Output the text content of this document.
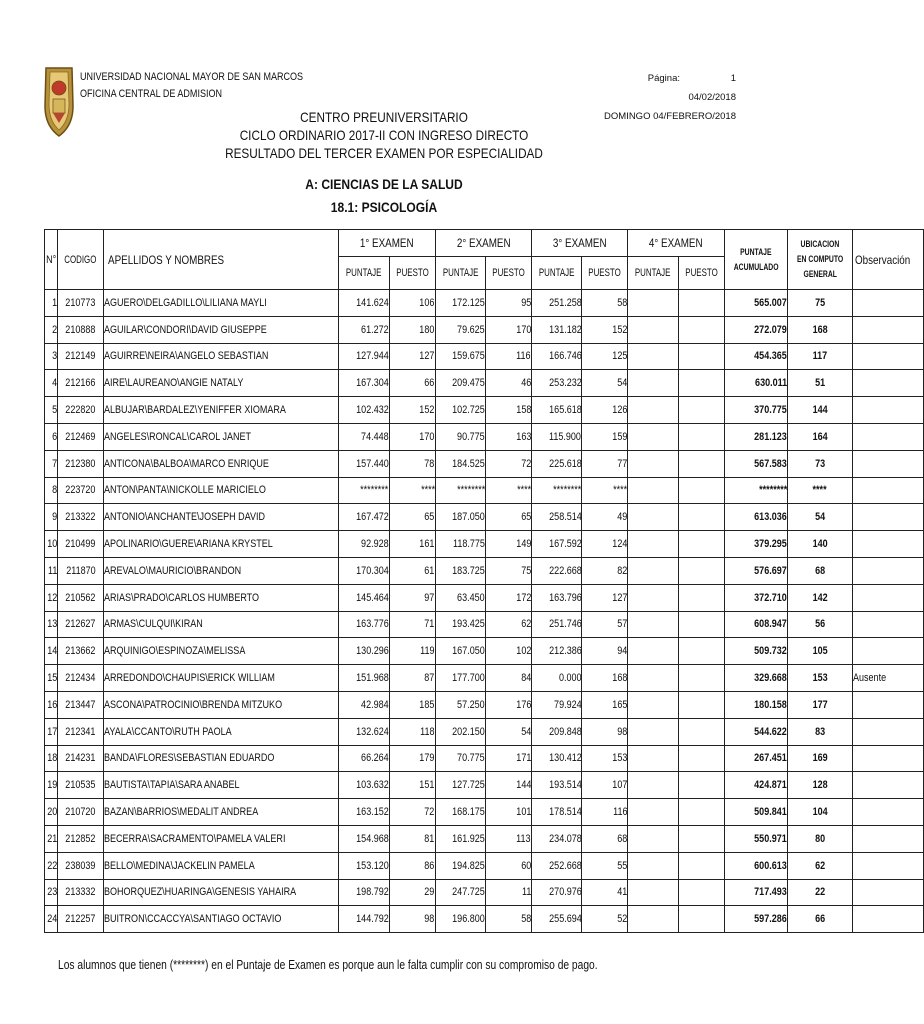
UNIVERSIDAD NACIONAL MAYOR DE SAN MARCOS
OFICINA CENTRAL DE ADMISION
Página:	1
04/02/2018
DOMINGO 04/FEBRERO/2018
CENTRO PREUNIVERSITARIO
CICLO ORDINARIO 2017-II CON INGRESO DIRECTO
RESULTADO DEL TERCER EXAMEN POR ESPECIALIDAD
A: CIENCIAS DE LA SALUD
18.1: PSICOLOGÍA
N°	CODIGO	APELLIDOS Y NOMBRES	1° EXAMEN		2° EXAMEN		3° EXAMEN		4° EXAMEN		PUNTAJE
ACUMULADO	UBICACION
EN COMPUTO
GENERAL	Observación
			PUNTAJE	PUESTO	PUNTAJE	PUESTO	PUNTAJE	PUESTO	PUNTAJE	PUESTO			
1	210773	AGUERO\DELGADILLO\LILIANA MAYLI	141.624	106	172.125	95	251.258	58			565.007	75	
2	210888	AGUILAR\CONDORI\DAVID GIUSEPPE	61.272	180	79.625	170	131.182	152			272.079	168	
3	212149	AGUIRRE\NEIRA\ANGELO SEBASTIAN	127.944	127	159.675	116	166.746	125			454.365	117	
4	212166	AIRE\LAUREANO\ANGIE NATALY	167.304	66	209.475	46	253.232	54			630.011	51	
5	222820	ALBUJAR\BARDALEZ\YENIFFER XIOMARA	102.432	152	102.725	158	165.618	126			370.775	144	
6	212469	ANGELES\RONCAL\CAROL JANET	74.448	170	90.775	163	115.900	159			281.123	164	
7	212380	ANTICONA\BALBOA\MARCO ENRIQUE	157.440	78	184.525	72	225.618	77			567.583	73	
8	223720	ANTON\PANTA\NICKOLLE MARICIELO	********	****	********	****	********	****			********	****	
9	213322	ANTONIO\ANCHANTE\JOSEPH DAVID	167.472	65	187.050	65	258.514	49			613.036	54	
10	210499	APOLINARIO\GUERE\ARIANA KRYSTEL	92.928	161	118.775	149	167.592	124			379.295	140	
11	211870	AREVALO\MAURICIO\BRANDON	170.304	61	183.725	75	222.668	82			576.697	68	
12	210562	ARIAS\PRADO\CARLOS HUMBERTO	145.464	97	63.450	172	163.796	127			372.710	142	
13	212627	ARMAS\CULQUI\KIRAN	163.776	71	193.425	62	251.746	57			608.947	56	
14	213662	ARQUINIGO\ESPINOZA\MELISSA	130.296	119	167.050	102	212.386	94			509.732	105	
15	212434	ARREDONDO\CHAUPIS\ERICK WILLIAM	151.968	87	177.700	84	0.000	168			329.668	153	Ausente
16	213447	ASCONA\PATROCINIO\BRENDA MITZUKO	42.984	185	57.250	176	79.924	165			180.158	177	
17	212341	AYALA\CCANTO\RUTH PAOLA	132.624	118	202.150	54	209.848	98			544.622	83	
18	214231	BANDA\FLORES\SEBASTIAN EDUARDO	66.264	179	70.775	171	130.412	153			267.451	169	
19	210535	BAUTISTA\TAPIA\SARA ANABEL	103.632	151	127.725	144	193.514	107			424.871	128	
20	210720	BAZAN\BARRIOS\MEDALIT ANDREA	163.152	72	168.175	101	178.514	116			509.841	104	
21	212852	BECERRA\SACRAMENTO\PAMELA VALERI	154.968	81	161.925	113	234.078	68			550.971	80	
22	238039	BELLO\MEDINA\JACKELIN PAMELA	153.120	86	194.825	60	252.668	55			600.613	62	
23	213332	BOHORQUEZ\HUARINGA\GENESIS YAHAIRA	198.792	29	247.725	11	270.976	41			717.493	22	
24	212257	BUITRON\CCACCYA\SANTIAGO OCTAVIO	144.792	98	196.800	58	255.694	52			597.286	66	
Los alumnos que tienen (********) en el Puntaje de Examen es porque aun le falta cumplir con su compromiso de pago.
